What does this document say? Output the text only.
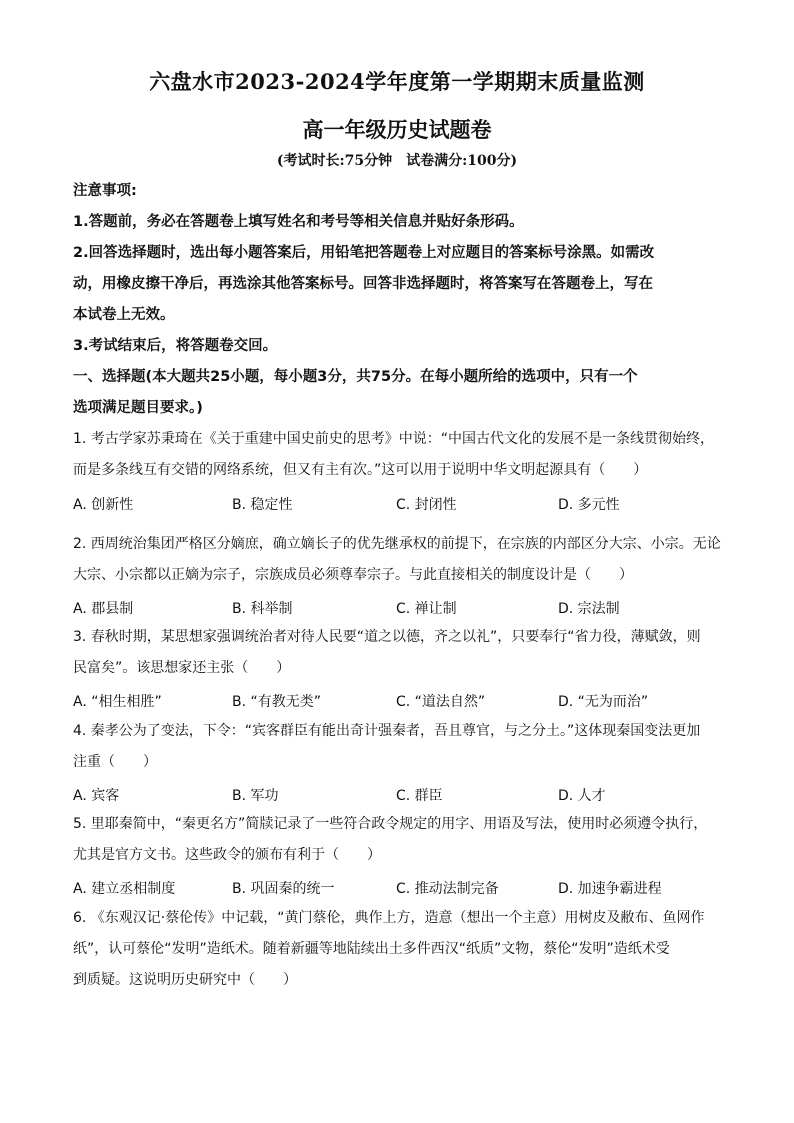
六盘水市2023-2024学年度第一学期期末质量监测
高一年级历史试题卷
(考试时长:75分钟　试卷满分:100分)
注意事项:
1.答题前，务必在答题卷上填写姓名和考号等相关信息并贴好条形码。
2.回答选择题时，选出每小题答案后，用铅笔把答题卷上对应题目的答案标号涂黑。如需改
动，用橡皮擦干净后，再选涂其他答案标号。回答非选择题时，将答案写在答题卷上，写在
本试卷上无效。
3.考试结束后，将答题卷交回。
一、选择题(本大题共25小题，每小题3分，共75分。在每小题所给的选项中，只有一个
选项满足题目要求。)
1. 考古学家苏秉琦在《关于重建中国史前史的思考》中说：“中国古代文化的发展不是一条线贯彻始终，
而是多条线互有交错的网络系统，但又有主有次。”这可以用于说明中华文明起源具有（　　）
A. 创新性	B. 稳定性	C. 封闭性	D. 多元性
2. 西周统治集团严格区分嫡庶，确立嫡长子的优先继承权的前提下，在宗族的内部区分大宗、小宗。无论
大宗、小宗都以正嫡为宗子，宗族成员必须尊奉宗子。与此直接相关的制度设计是（　　）
A. 郡县制	B. 科举制	C. 禅让制	D. 宗法制
3. 春秋时期，某思想家强调统治者对待人民要“道之以德，齐之以礼”，只要奉行“省力役，薄赋敛，则
民富矣”。该思想家还主张（　　）
A. “相生相胜”	B. “有教无类”	C. “道法自然”	D. “无为而治”
4. 秦孝公为了变法，下令：“宾客群臣有能出奇计强秦者，吾且尊官，与之分土。”这体现秦国变法更加
注重（　　）
A. 宾客	B. 军功	C. 群臣	D. 人才
5. 里耶秦简中，“秦更名方”简牍记录了一些符合政令规定的用字、用语及写法，使用时必须遵令执行，
尤其是官方文书。这些政令的颁布有利于（　　）
A. 建立丞相制度	B. 巩固秦的统一	C. 推动法制完备	D. 加速争霸进程
6. 《东观汉记·蔡伦传》中记载，“黄门蔡伦，典作上方，造意（想出一个主意）用树皮及敝布、鱼网作
纸”，认可蔡伦“发明”造纸术。随着新疆等地陆续出土多件西汉“纸质”文物，蔡伦“发明”造纸术受
到质疑。这说明历史研究中（　　）
